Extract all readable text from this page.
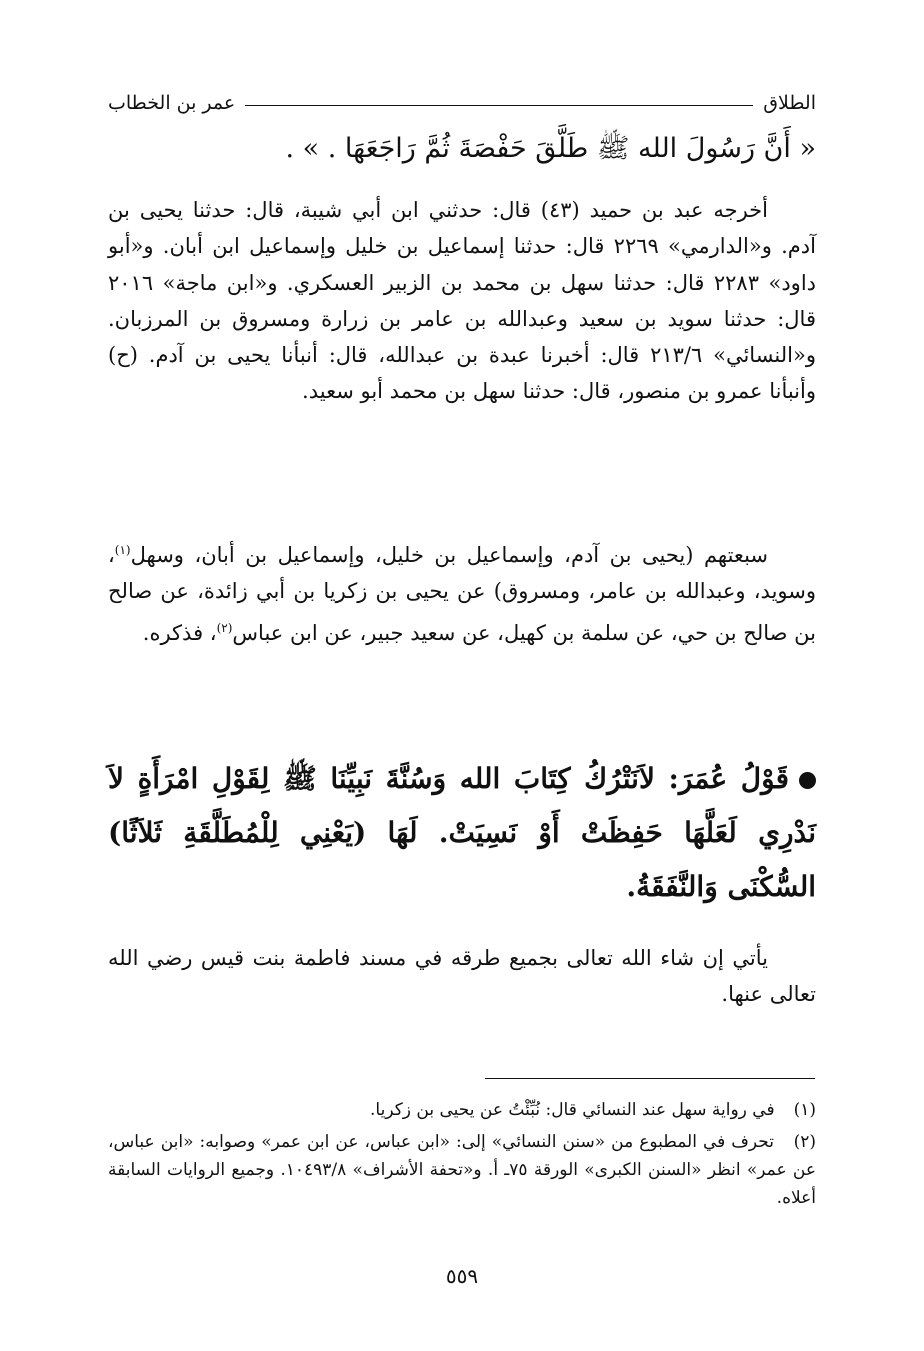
الطلاق
عمر بن الخطاب
« أَنَّ رَسُولَ الله ﷺ طَلَّقَ حَفْصَةَ ثُمَّ رَاجَعَهَا . » .

أخرجه عبد بن حميد (٤٣) قال: حدثني ابن أبي شيبة، قال: حدثنا يحيى بن آدم. و«الدارمي» ٢٢٦٩ قال: حدثنا إسماعيل بن خليل وإسماعيل ابن أبان. و«أبو داود» ٢٢٨٣ قال: حدثنا سهل بن محمد بن الزبير العسكري. و«ابن ماجة» ٢٠١٦ قال: حدثنا سويد بن سعيد وعبدالله بن عامر بن زرارة ومسروق بن المرزبان. و«النسائي» ٢١٣/٦ قال: أخبرنا عبدة بن عبدالله، قال: أنبأنا يحيى بن آدم. (ح) وأنبأنا عمرو بن منصور، قال: حدثنا سهل بن محمد أبو سعيد.

سبعتهم (يحيى بن آدم، وإسماعيل بن خليل، وإسماعيل بن أبان، وسهل$^{(١)}$، وسويد، وعبدالله بن عامر، ومسروق) عن يحيى بن زكريا بن أبي زائدة، عن صالح بن صالح بن حي، عن سلمة بن كهيل، عن سعيد جبير، عن ابن عباس$^{(٢)}$، فذكره.

قَوْلُ عُمَرَ: لاَنَتْرُكُ كِتَابَ الله وَسُنَّةَ نَبِيِّنَا ﷺ لِقَوْلِ امْرَأَةٍ لاَ نَدْرِي لَعَلَّهَا حَفِظَتْ أَوْ نَسِيَتْ. لَهَا (يَعْنِي لِلْمُطَلَّقَةِ ثَلاَثًا) السُّكْنَى وَالنَّفَقَةُ.

يأتي إن شاء الله تعالى بجميع طرقه في مسند فاطمة بنت قيس رضي الله تعالى عنها.

(١) في رواية سهل عند النسائي قال: نُبِّئْتُ عن يحيى بن زكريا.

(٢) تحرف في المطبوع من «سنن النسائي» إلى: «ابن عباس، عن ابن عمر» وصوابه: «ابن عباس، عن عمر» انظر «السنن الكبرى» الورقة ٧٥ـ أ. و«تحفة الأشراف» ١٠٤٩٣/٨. وجميع الروايات السابقة أعلاه.

٥٥٩
